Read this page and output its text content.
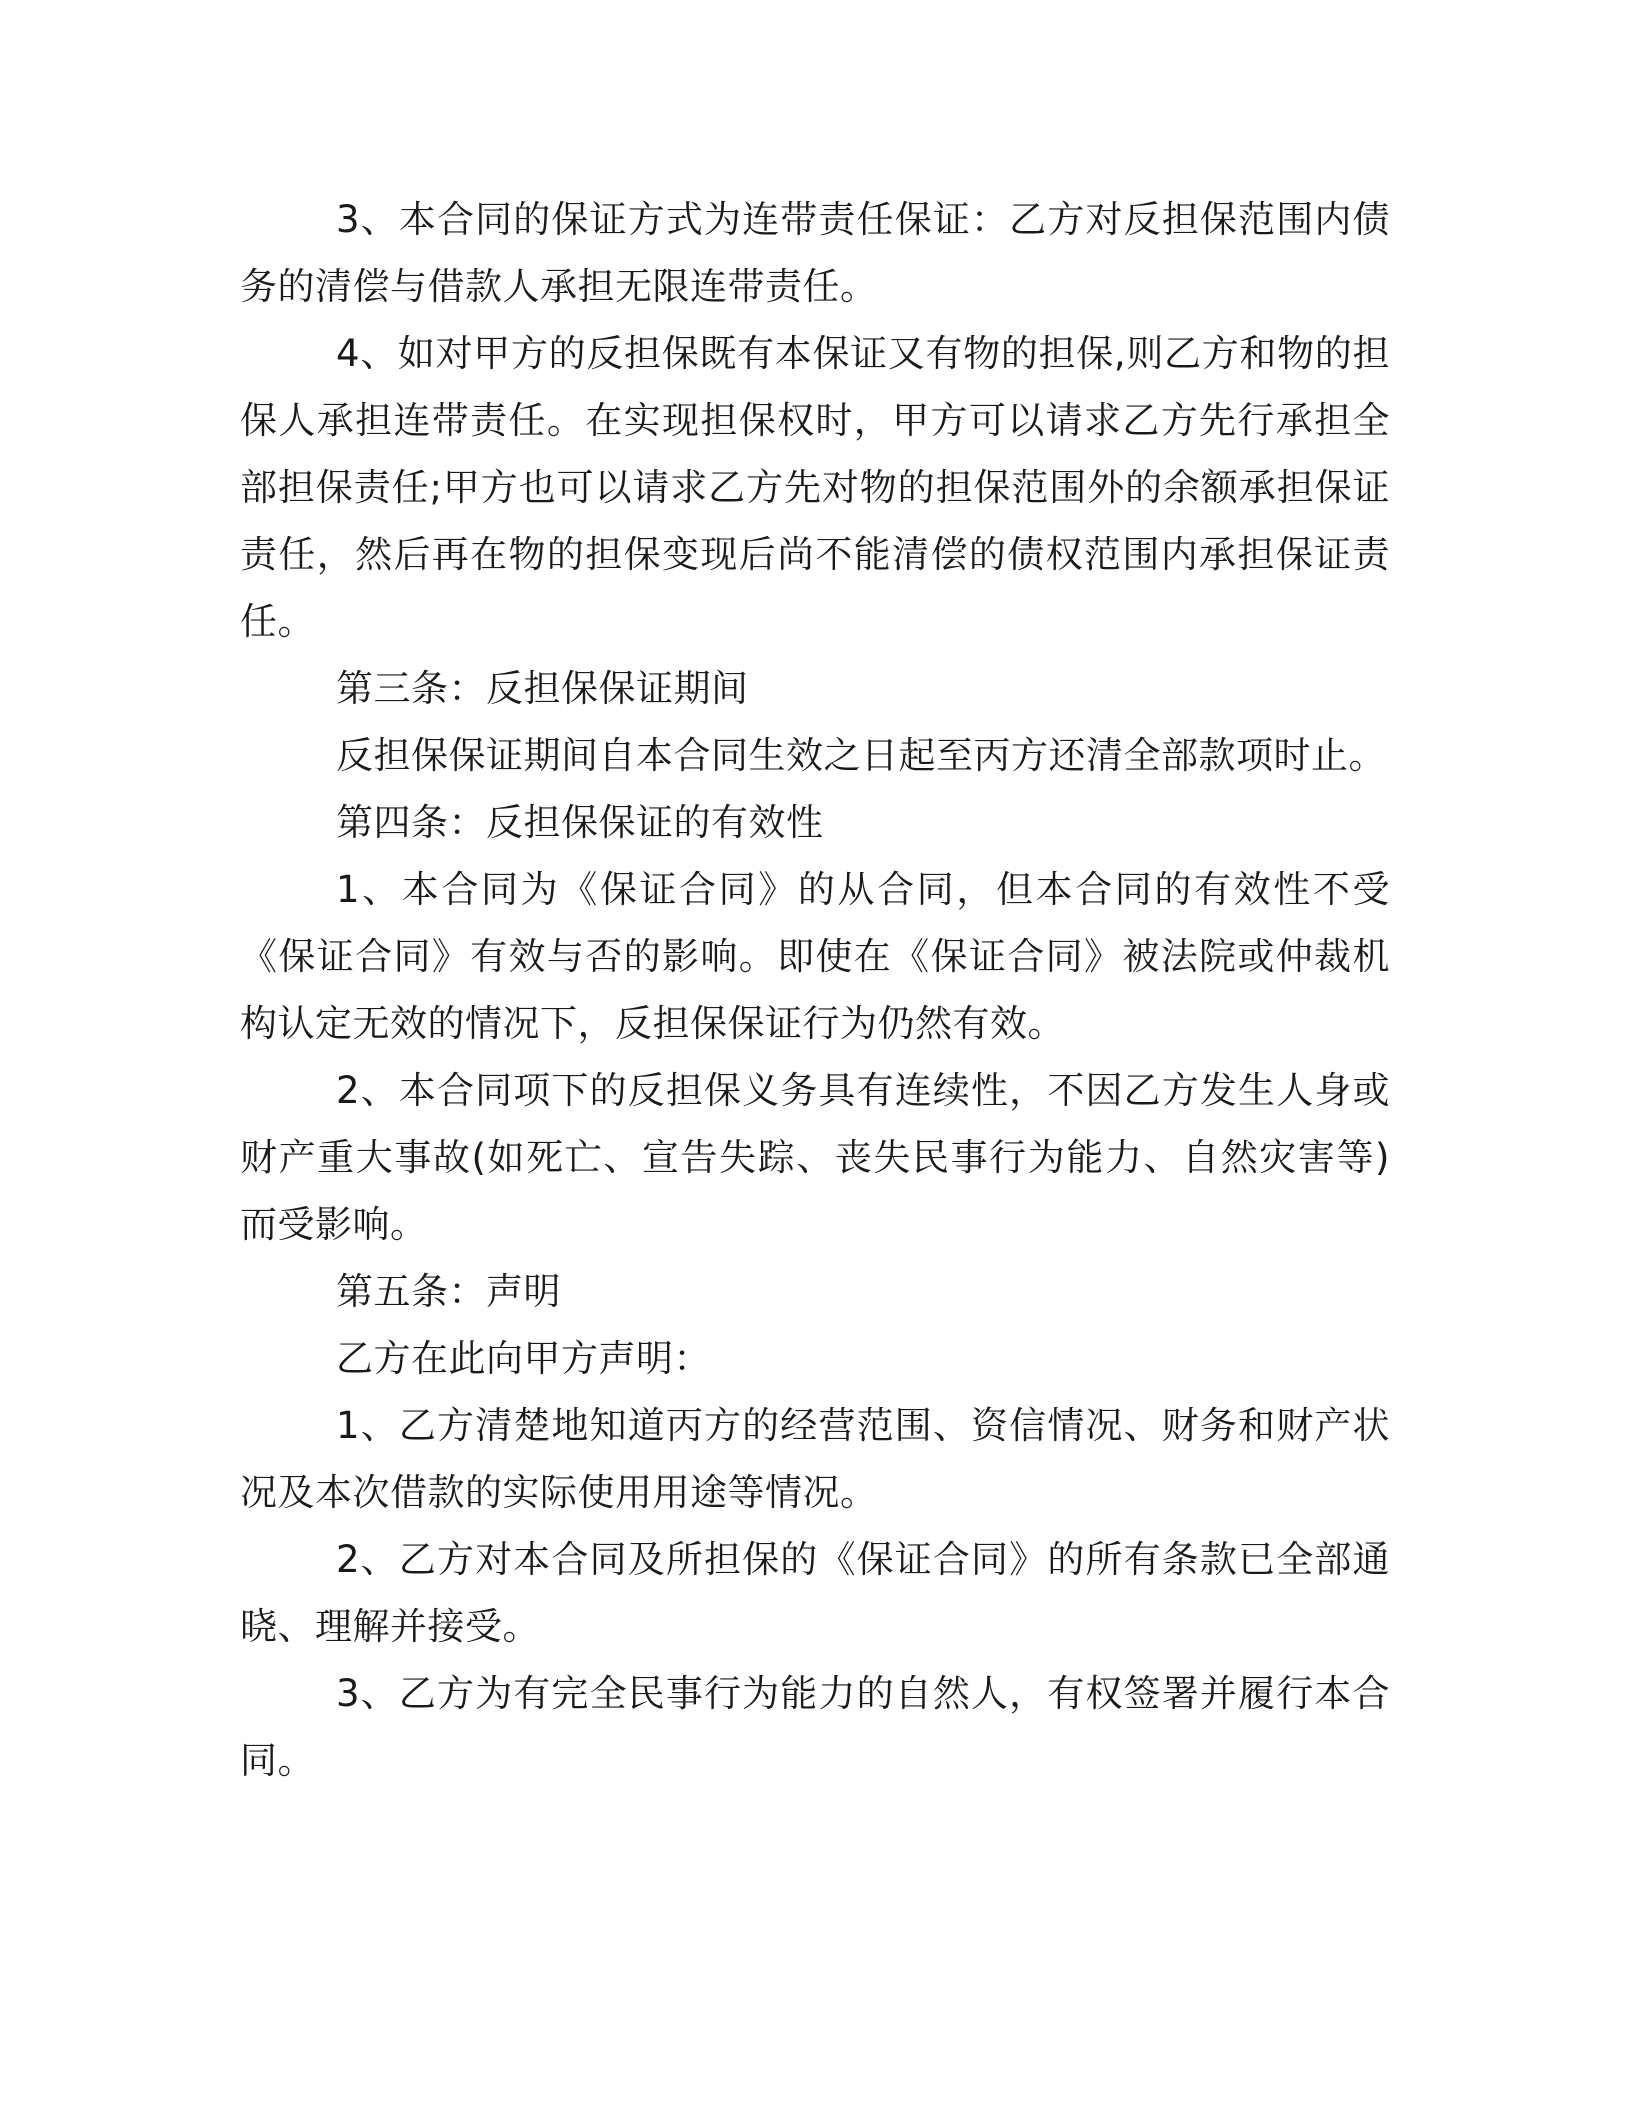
3、本合同的保证方式为连带责任保证：乙方对反担保范围内债务的清偿与借款人承担无限连带责任。

4、如对甲方的反担保既有本保证又有物的担保,则乙方和物的担保人承担连带责任。在实现担保权时，甲方可以请求乙方先行承担全部担保责任;甲方也可以请求乙方先对物的担保范围外的余额承担保证责任，然后再在物的担保变现后尚不能清偿的债权范围内承担保证责任。

第三条：反担保保证期间

反担保保证期间自本合同生效之日起至丙方还清全部款项时止。

第四条：反担保保证的有效性

1、本合同为《保证合同》的从合同，但本合同的有效性不受《保证合同》有效与否的影响。即使在《保证合同》被法院或仲裁机构认定无效的情况下，反担保保证行为仍然有效。

2、本合同项下的反担保义务具有连续性，不因乙方发生人身或财产重大事故(如死亡、宣告失踪、丧失民事行为能力、自然灾害等)而受影响。

第五条：声明

乙方在此向甲方声明：

1、乙方清楚地知道丙方的经营范围、资信情况、财务和财产状况及本次借款的实际使用用途等情况。

2、乙方对本合同及所担保的《保证合同》的所有条款已全部通晓、理解并接受。

3、乙方为有完全民事行为能力的自然人，有权签署并履行本合同。
